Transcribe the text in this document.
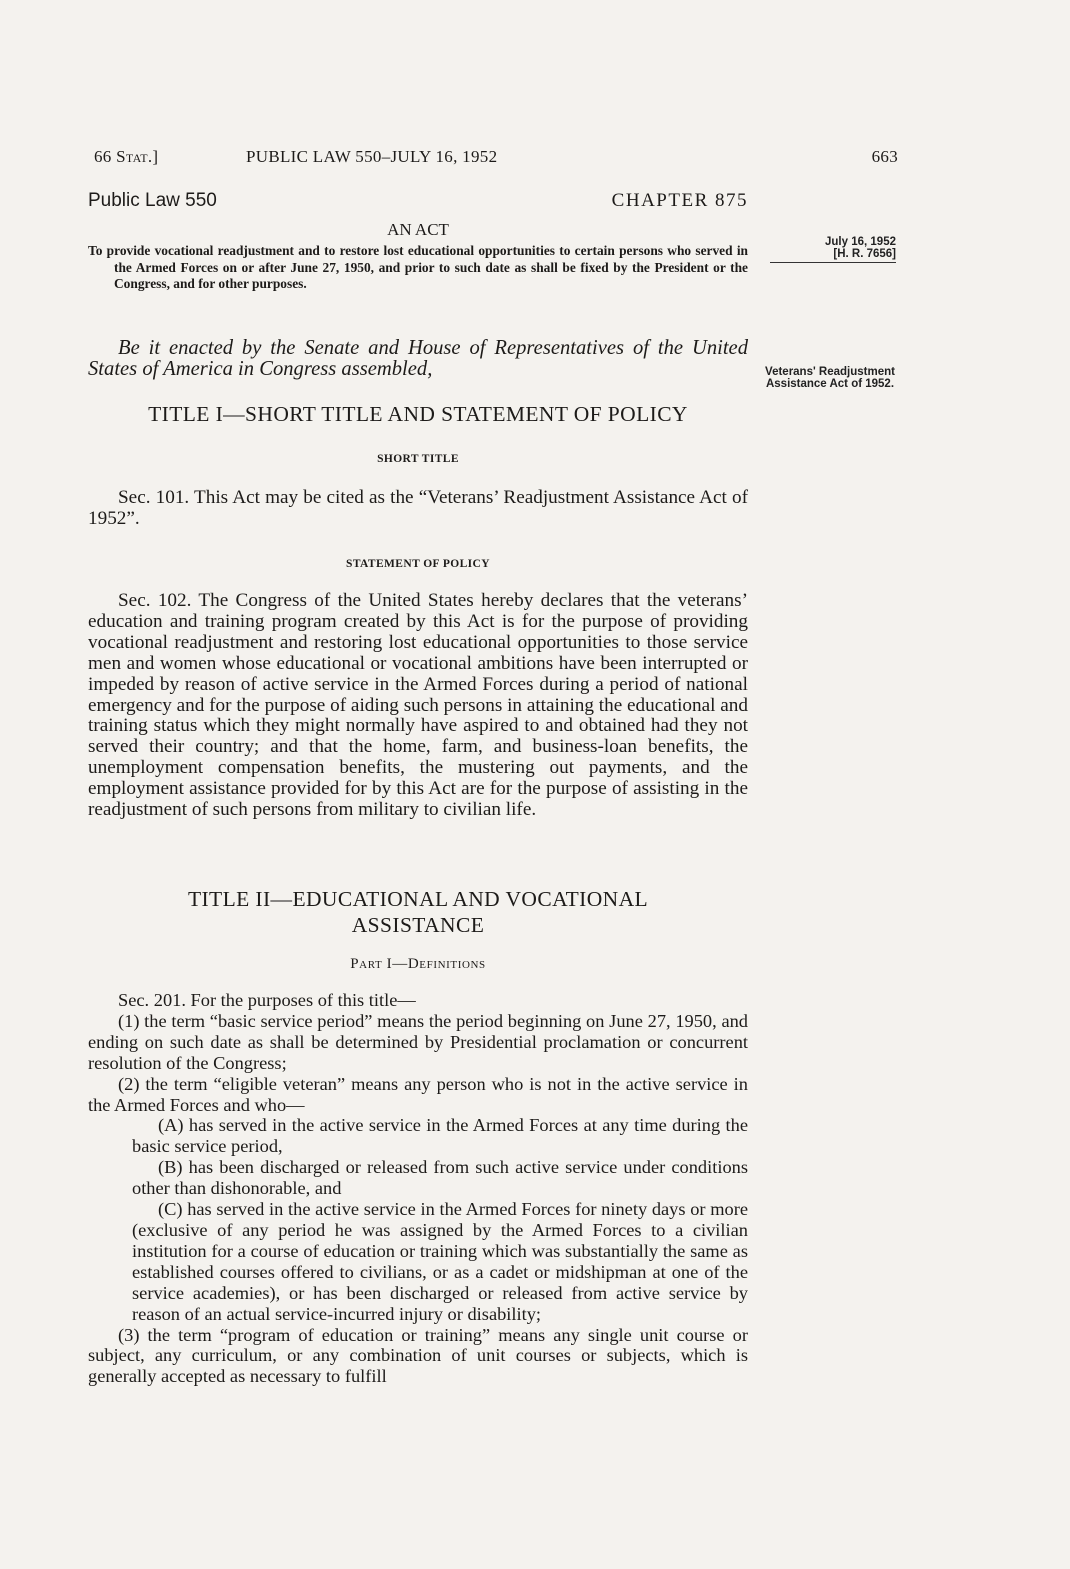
66 Stat.]	PUBLIC LAW 550–JULY 16, 1952	663
Public Law 550	CHAPTER 875
AN ACT

To provide vocational readjustment and to restore lost educational opportunities to certain persons who served in the Armed Forces on or after June 27, 1950, and prior to such date as shall be fixed by the President or the Congress, and for other purposes.

July 16, 1952
[H. R. 7656]

Be it enacted by the Senate and House of Representatives of the United States of America in Congress assembled,	Veterans' Readjustment Assistance Act of 1952.
TITLE I—SHORT TITLE AND STATEMENT OF POLICY
SHORT TITLE

Sec. 101. This Act may be cited as the “Veterans’ Readjustment Assistance Act of 1952”.

STATEMENT OF POLICY

Sec. 102. The Congress of the United States hereby declares that the veterans’ education and training program created by this Act is for the purpose of providing vocational readjustment and restoring lost educational opportunities to those service men and women whose educational or vocational ambitions have been interrupted or impeded by reason of active service in the Armed Forces during a period of national emergency and for the purpose of aiding such persons in attaining the educational and training status which they might normally have aspired to and obtained had they not served their country; and that the home, farm, and business-loan benefits, the unemployment compensation benefits, the mustering out payments, and the employment assistance provided for by this Act are for the purpose of assisting in the readjustment of such persons from military to civilian life.

TITLE II—EDUCATIONAL AND VOCATIONAL
ASSISTANCE
Part I—Definitions

Sec. 201. For the purposes of this title—

(1) the term “basic service period” means the period beginning on June 27, 1950, and ending on such date as shall be determined by Presidential proclamation or concurrent resolution of the Congress;

(2) the term “eligible veteran” means any person who is not in the active service in the Armed Forces and who—

(A) has served in the active service in the Armed Forces at any time during the basic service period,

(B) has been discharged or released from such active service under conditions other than dishonorable, and

(C) has served in the active service in the Armed Forces for ninety days or more (exclusive of any period he was assigned by the Armed Forces to a civilian institution for a course of education or training which was substantially the same as established courses offered to civilians, or as a cadet or midshipman at one of the service academies), or has been discharged or released from active service by reason of an actual service-incurred injury or disability;

(3) the term “program of education or training” means any single unit course or subject, any curriculum, or any combination of unit courses or subjects, which is generally accepted as necessary to fulfill
